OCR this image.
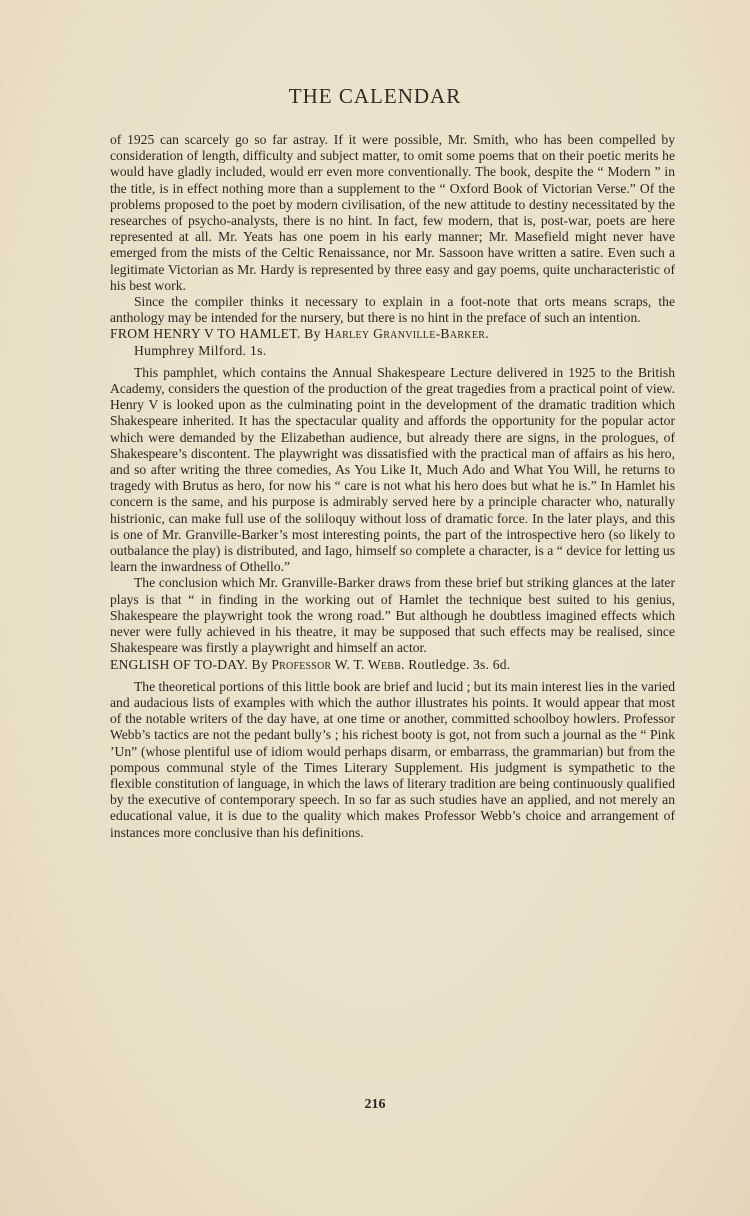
THE CALENDAR

of 1925 can scarcely go so far astray. If it were possible, Mr. Smith, who has been compelled by consideration of length, difficulty and subject matter, to omit some poems that on their poetic merits he would have gladly included, would err even more conventionally. The book, despite the “ Modern ” in the title, is in effect nothing more than a supplement to the “ Oxford Book of Victorian Verse.” Of the problems proposed to the poet by modern civilisation, of the new attitude to destiny necessitated by the researches of psycho-analysts, there is no hint. In fact, few modern, that is, post-war, poets are here represented at all. Mr. Yeats has one poem in his early manner; Mr. Masefield might never have emerged from the mists of the Celtic Renaissance, nor Mr. Sassoon have written a satire. Even such a legitimate Victorian as Mr. Hardy is represented by three easy and gay poems, quite uncharacteristic of his best work.

Since the compiler thinks it necessary to explain in a foot-note that orts means scraps, the anthology may be intended for the nursery, but there is no hint in the preface of such an intention.

FROM HENRY V TO HAMLET. By Harley Granville-Barker.
Humphrey Milford. 1s.

This pamphlet, which contains the Annual Shakespeare Lecture delivered in 1925 to the British Academy, considers the question of the production of the great tragedies from a practical point of view. Henry V is looked upon as the culminating point in the development of the dramatic tradition which Shakespeare inherited. It has the spectacular quality and affords the opportunity for the popular actor which were demanded by the Elizabethan audience, but already there are signs, in the prologues, of Shakespeare’s discontent. The playwright was dissatisfied with the practical man of affairs as his hero, and so after writing the three comedies, As You Like It, Much Ado and What You Will, he returns to tragedy with Brutus as hero, for now his “ care is not what his hero does but what he is.” In Hamlet his concern is the same, and his purpose is admirably served here by a principle character who, naturally histrionic, can make full use of the soliloquy without loss of dramatic force. In the later plays, and this is one of Mr. Granville-Barker’s most interesting points, the part of the introspective hero (so likely to outbalance the play) is distributed, and Iago, himself so complete a character, is a “ device for letting us learn the inwardness of Othello.”

The conclusion which Mr. Granville-Barker draws from these brief but striking glances at the later plays is that “ in finding in the working out of Hamlet the technique best suited to his genius, Shakespeare the playwright took the wrong road.” But although he doubtless imagined effects which never were fully achieved in his theatre, it may be supposed that such effects may be realised, since Shakespeare was firstly a playwright and himself an actor.

ENGLISH OF TO-DAY. By Professor W. T. Webb. Routledge. 3s. 6d.

The theoretical portions of this little book are brief and lucid ; but its main interest lies in the varied and audacious lists of examples with which the author illustrates his points. It would appear that most of the notable writers of the day have, at one time or another, committed schoolboy howlers. Professor Webb’s tactics are not the pedant bully’s ; his richest booty is got, not from such a journal as the “ Pink ’Un” (whose plentiful use of idiom would perhaps disarm, or embarrass, the grammarian) but from the pompous communal style of the Times Literary Supplement. His judgment is sympathetic to the flexible constitution of language, in which the laws of literary tradition are being continuously qualified by the executive of contemporary speech. In so far as such studies have an applied, and not merely an educational value, it is due to the quality which makes Professor Webb’s choice and arrangement of instances more conclusive than his definitions.

216
